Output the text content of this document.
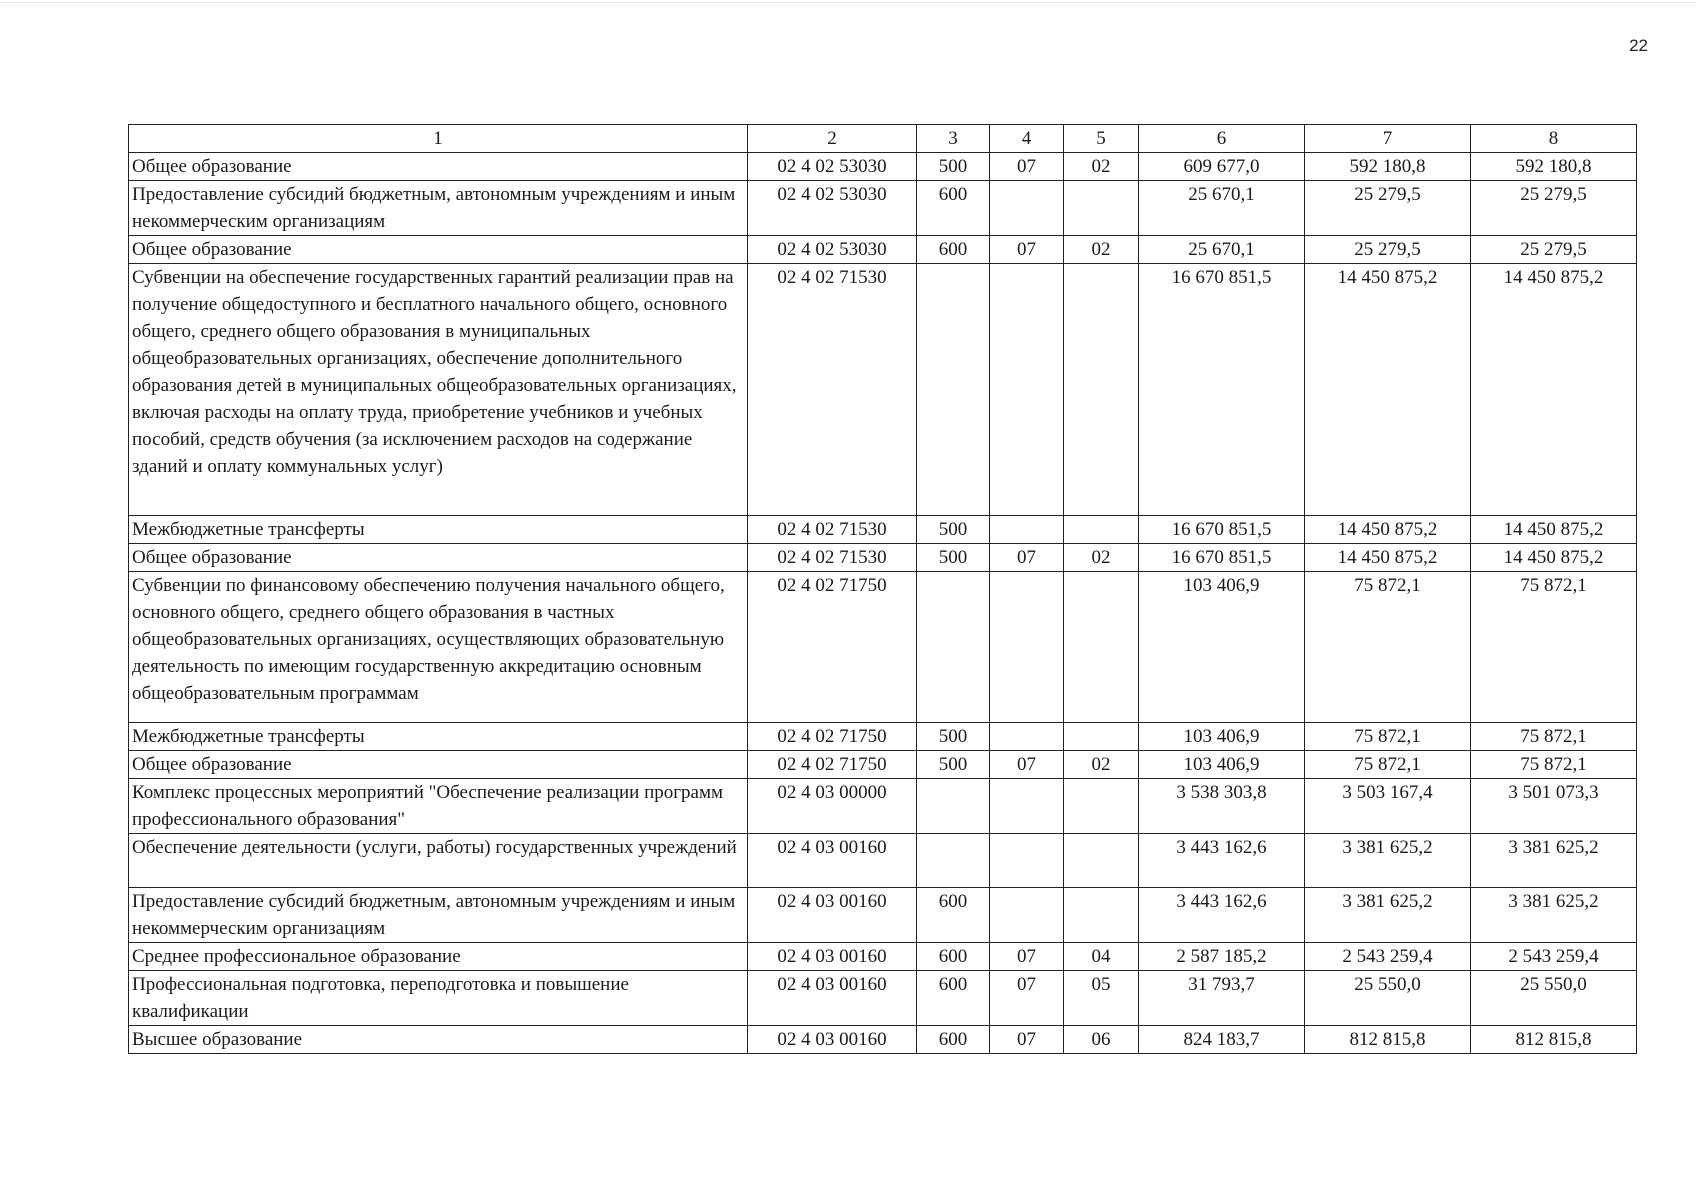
22
1	2	3	4	5	6	7	8
Общее образование	02 4 02 53030	500	07	02	609 677,0	592 180,8	592 180,8
Предоставление субсидий бюджетным, автономным учреждениям и иным некоммерческим организациям	02 4 02 53030	600			25 670,1	25 279,5	25 279,5
Общее образование	02 4 02 53030	600	07	02	25 670,1	25 279,5	25 279,5
Субвенции на обеспечение государственных гарантий реализации прав на получение общедоступного и бесплатного начального общего, основного общего, среднего общего образования в муниципальных общеобразовательных организациях, обеспечение дополнительного образования детей в муниципальных общеобразовательных организациях, включая расходы на оплату труда, приобретение учебников и учебных пособий, средств обучения (за исключением расходов на содержание зданий и оплату коммунальных услуг)	02 4 02 71530				16 670 851,5	14 450 875,2	14 450 875,2
Межбюджетные трансферты	02 4 02 71530	500			16 670 851,5	14 450 875,2	14 450 875,2
Общее образование	02 4 02 71530	500	07	02	16 670 851,5	14 450 875,2	14 450 875,2
Субвенции по финансовому обеспечению получения начального общего, основного общего, среднего общего образования в частных общеобразовательных организациях, осуществляющих образовательную деятельность по имеющим государственную аккредитацию основным общеобразовательным программам	02 4 02 71750				103 406,9	75 872,1	75 872,1
Межбюджетные трансферты	02 4 02 71750	500			103 406,9	75 872,1	75 872,1
Общее образование	02 4 02 71750	500	07	02	103 406,9	75 872,1	75 872,1
Комплекс процессных мероприятий "Обеспечение реализации программ профессионального образования"	02 4 03 00000				3 538 303,8	3 503 167,4	3 501 073,3
Обеспечение деятельности (услуги, работы) государственных учреждений	02 4 03 00160				3 443 162,6	3 381 625,2	3 381 625,2
Предоставление субсидий бюджетным, автономным учреждениям и иным некоммерческим организациям	02 4 03 00160	600			3 443 162,6	3 381 625,2	3 381 625,2
Среднее профессиональное образование	02 4 03 00160	600	07	04	2 587 185,2	2 543 259,4	2 543 259,4
Профессиональная подготовка, переподготовка и повышение квалификации	02 4 03 00160	600	07	05	31 793,7	25 550,0	25 550,0
Высшее образование	02 4 03 00160	600	07	06	824 183,7	812 815,8	812 815,8
